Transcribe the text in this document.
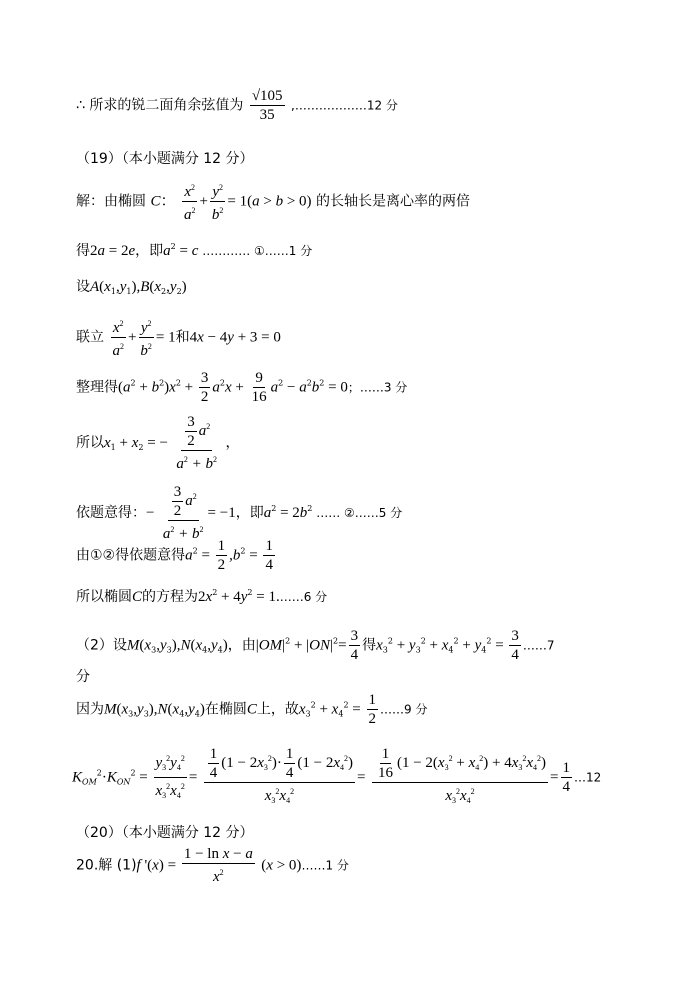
∴ 所求的锐二面角余弦值为 $\frac{√105}{35}$ ,………………12 分
（19）（本小题满分 12 分）
解：由椭圆 C： $\frac{x^2}{a^2} + \frac{y^2}{b^2} = 1(a > b > 0)$ 的长轴长是离心率的两倍
得2a = 2e，即$a^2 = c$ ………… ①……1 分
设$A(x_1,y_1),B(x_2,y_2)$
联立 $\frac{x^2}{a^2} + \frac{y^2}{b^2} = 1$和4x − 4y + 3 = 0
整理得$(a^2 + b^2)x^2 + \frac{3}{2} a^2x + \frac{9}{16} a^2 - a^2b^2 = 0$；……3 分
所以$x_1 + x_2$ = − $\frac{\frac{3}{2} a^2}{a^2 + b^2}$ ，
依题意得：− $\frac{\frac{3}{2} a^2}{a^2 + b^2} = -1$，即$a^2 = 2b^2$ …… ②……5 分
由①②得依题意得$a^2 = \frac{1}{2} ,b^2 = \frac{1}{4}$
所以椭圆C的方程为$2x^2 + 4y^2$ = 1.……6 分
（2）设$M(x_3,y_3),N(x_4,y_4)$，由$|OM|^2 + |ON|^2= \frac{3}{4}$ 得$x_3^2 + y_3^2 + x_4^2 + y_4^2 = \frac{3}{4}$ ……7
分
因为$M(x_3,y_3),N(x_4,y_4)$在椭圆C上，故$x_3^2 + x_4^2 = \frac{1}{2}$ ……9 分
$K_{OM}^2\cdot K_{ON}^2 = \frac{y_3^2y_4^2}{x_3^2x_4^2} = \frac{\frac{1}{4} (1 - 2x_3^2)\cdot \frac{1}{4} (1 - 2x_4^2)}{x_3^2x_4^2} = \frac{\frac{1}{16} (1 - 2(x_3^2 + x_4^2) + 4x_3^2x_4^2)}{x_3^2x_4^2} = \frac{1}{4}$ …12
（20）（本小题满分 12 分）
20.解 (1)f '$(x) = \frac{\text{1 − ln x − a}}{x^2} (x$ > 0)……1 分
